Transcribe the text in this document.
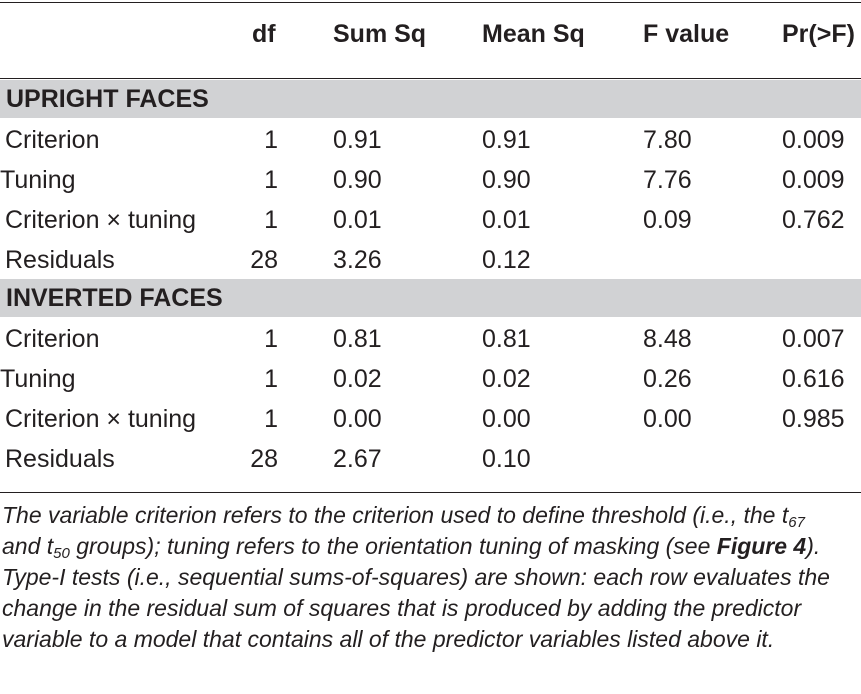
df Sum Sq Mean Sq F value Pr(>F)
UPRIGHT FACES
Criterion	1 0.91	0.91	7.80	0.009
Tuning	1 0.90	0.90	7.76	0.009
Criterion × tuning	1 0.01	0.01	0.09	0.762
Residuals	28 3.26	0.12
INVERTED FACES
Criterion	1 0.81	0.81	8.48	0.007
Tuning	1 0.02	0.02	0.26	0.616
Criterion × tuning	1 0.00	0.00	0.00	0.985
Residuals	28 2.67	0.10
The variable criterion refers to the criterion used to define threshold (i.e., the $t_{67}$
and $t_{50}$ groups); tuning refers to the orientation tuning of masking (see Figure 4).
Type-I tests (i.e., sequential sums-of-squares) are shown: each row evaluates the
change in the residual sum of squares that is produced by adding the predictor
variable to a model that contains all of the predictor variables listed above it.
